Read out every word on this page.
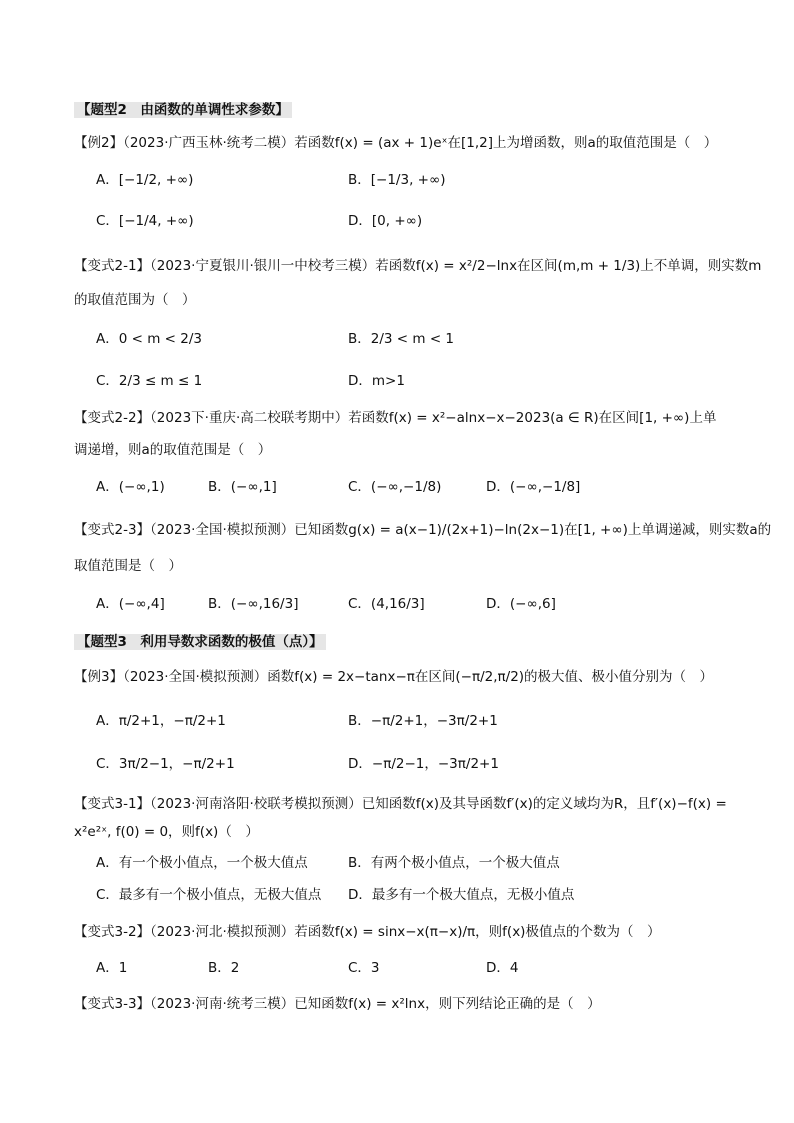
【题型2　由函数的单调性求参数】
【例2】（2023·广西玉林·统考二模）若函数f(x) = (ax + 1)eˣ在[1,2]上为增函数，则a的取值范围是（　）
A．[−1/2, +∞)	B．[−1/3, +∞)
C．[−1/4, +∞)	D．[0, +∞)
【变式2-1】（2023·宁夏银川·银川一中校考三模）若函数f(x) = x²/2−lnx在区间(m,m + 1/3)上不单调，则实数m
的取值范围为（　）
A．0 < m < 2/3	B．2/3 < m < 1
C．2/3 ≤ m ≤ 1	D．m>1
【变式2-2】（2023下·重庆·高二校联考期中）若函数f(x) = x²−alnx−x−2023(a ∈ R)在区间[1, +∞)上单
调递增，则a的取值范围是（　）
A．(−∞,1)	B．(−∞,1]	C．(−∞,−1/8)	D．(−∞,−1/8]
【变式2-3】（2023·全国·模拟预测）已知函数g(x) = a(x−1)/(2x+1)−ln(2x−1)在[1, +∞)上单调递减，则实数a的
取值范围是（　）
A．(−∞,4]	B．(−∞,16/3]	C．(4,16/3]	D．(−∞,6]
【题型3　利用导数求函数的极值（点）】
【例3】（2023·全国·模拟预测）函数f(x) = 2x−tanx−π在区间(−π/2,π/2)的极大值、极小值分别为（　）
A．π/2+1，−π/2+1	B．−π/2+1，−3π/2+1
C．3π/2−1，−π/2+1	D．−π/2−1，−3π/2+1
【变式3-1】（2023·河南洛阳·校联考模拟预测）已知函数f(x)及其导函数f′(x)的定义域均为R，且f′(x)−f(x) =
x²e²ˣ, f(0) = 0，则f(x)（　）
A．有一个极小值点，一个极大值点	B．有两个极小值点，一个极大值点
C．最多有一个极小值点，无极大值点 D．最多有一个极大值点，无极小值点
【变式3-2】（2023·河北·模拟预测）若函数f(x) = sinx−x(π−x)/π，则f(x)极值点的个数为（　）
A．1	B．2	C．3	D．4
【变式3-3】（2023·河南·统考三模）已知函数f(x) = x²lnx，则下列结论正确的是（　）
